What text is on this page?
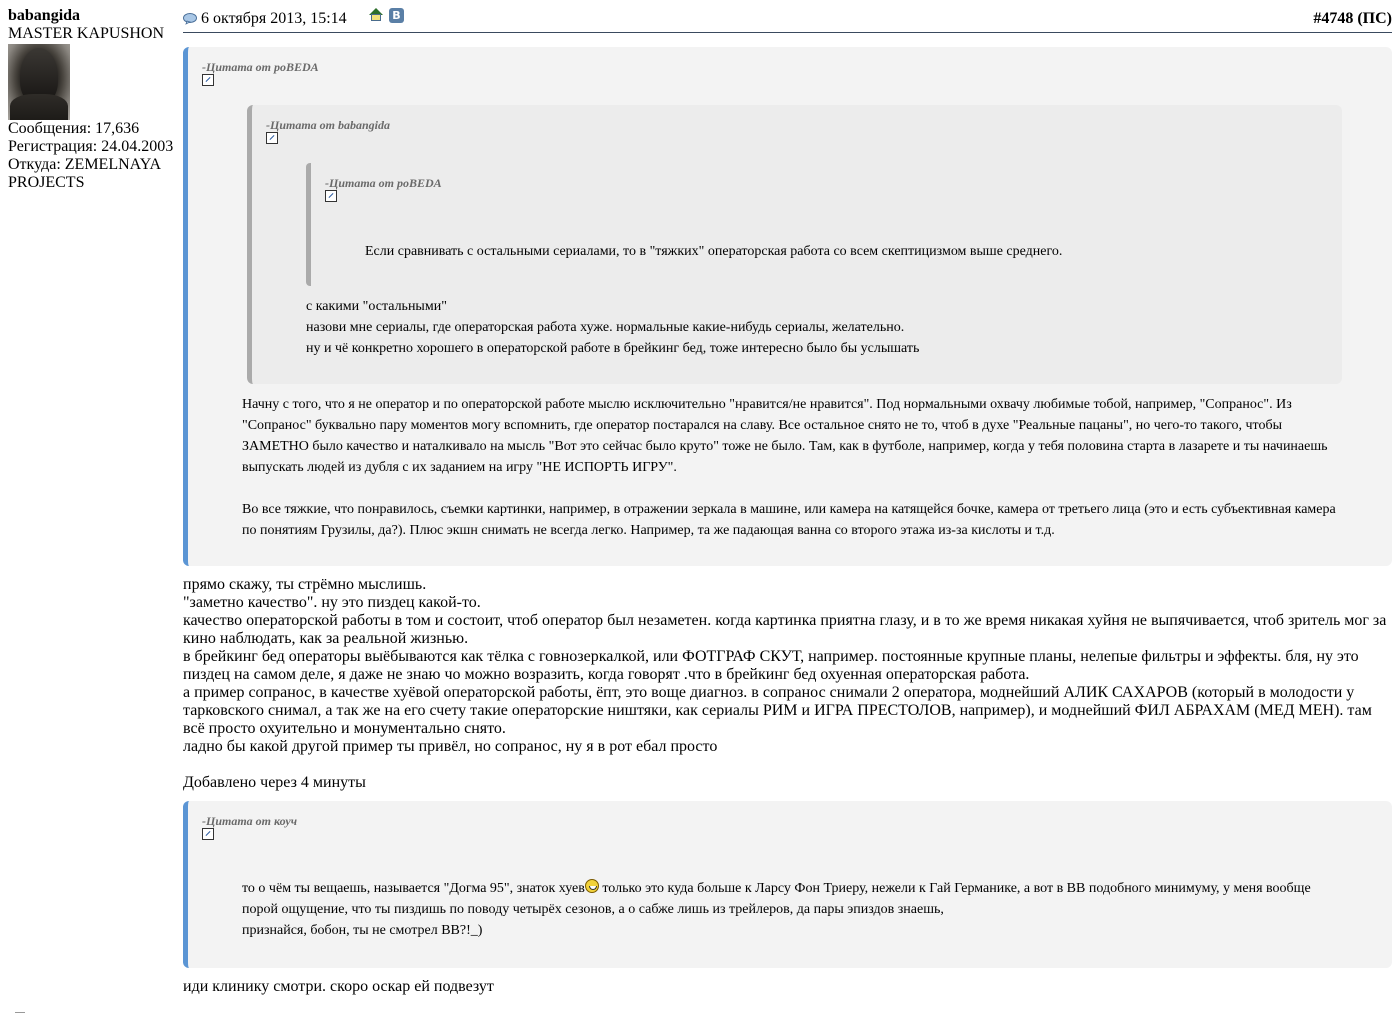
babangida
MASTER KAPUSHON
Сообщения: 17,636
Регистрация: 24.04.2003
Откуда: ZEMELNAYA PROJECTS
6 октября 2013, 15:14	В	#4748 (ПС)
-Цитата от poBEDA
-Цитата от babangida
-Цитата от poBEDA
Если сравнивать с остальными сериалами, то в "тяжких" операторская работа со всем скептицизмом выше среднего.
с какими "остальными"
назови мне сериалы, где операторская работа хуже. нормальные какие-нибудь сериалы, желательно.
ну и чё конкретно хорошего в операторской работе в брейкинг бед, тоже интересно было бы услышать
Начну с того, что я не оператор и по операторской работе мыслю исключительно "нравится/не нравится". Под нормальными охвачу любимые тобой, например, "Сопранос". Из "Сопранос" буквально пару моментов могу вспомнить, где оператор постарался на славу. Все остальное снято не то, чтоб в духе "Реальные пацаны", но чего-то такого, чтобы ЗАМЕТНО было качество и наталкивало на мысль "Вот это сейчас было круто" тоже не было. Там, как в футболе, например, когда у тебя половина старта в лазарете и ты начинаешь выпускать людей из дубля с их заданием на игру "НЕ ИСПОРТЬ ИГРУ".
Во все тяжкие, что понравилось, съемки картинки, например, в отражении зеркала в машине, или камера на катящейся бочке, камера от третьего лица (это и есть субъективная камера по понятиям Грузилы, да?). Плюс экшн снимать не всегда легко. Например, та же падающая ванна со второго этажа из-за кислоты и т.д.
прямо скажу, ты стрёмно мыслишь.
"заметно качество". ну это пиздец какой-то.
качество операторской работы в том и состоит, чтоб оператор был незаметен. когда картинка приятна глазу, и в то же время никакая хуйня не выпячивается, чтоб зритель мог за кино наблюдать, как за реальной жизнью.
в брейкинг бед операторы выёбываются как тёлка с говнозеркалкой, или ФОТГРАФ СКУТ, например. постоянные крупные планы, нелепые фильтры и эффекты. бля, ну это пиздец на самом деле, я даже не знаю чо можно возразить, когда говорят .что в брейкинг бед охуенная операторская работа.
а пример сопранос, в качестве хуёвой операторской работы, ёпт, это воще диагноз. в сопранос снимали 2 оператора, моднейший АЛИК САХАРОВ (который в молодости у тарковского снимал, а так же на его счету такие операторские ништяки, как сериалы РИМ и ИГРА ПРЕСТОЛОВ, например), и моднейший ФИЛ АБРАХАМ (МЕД МЕН). там всё просто охуительно и монументально снято.
ладно бы какой другой пример ты привёл, но сопранос, ну я в рот ебал просто
Добавлено через 4 минуты
-Цитата от коуч
то о чём ты вещаешь, называется "Догма 95", знаток хуев только это куда больше к Ларсу Фон Триеру, нежели к Гай Германике, а вот в ВВ подобного минимуму, у меня вообще порой ощущение, что ты пиздишь по поводу четырёх сезонов, а о сабже лишь из трейлеров, да пары эпиздов знаешь,
признайся, бобон, ты не смотрел ВВ?!_)
иди клинику смотри. скоро оскар ей подвезут
